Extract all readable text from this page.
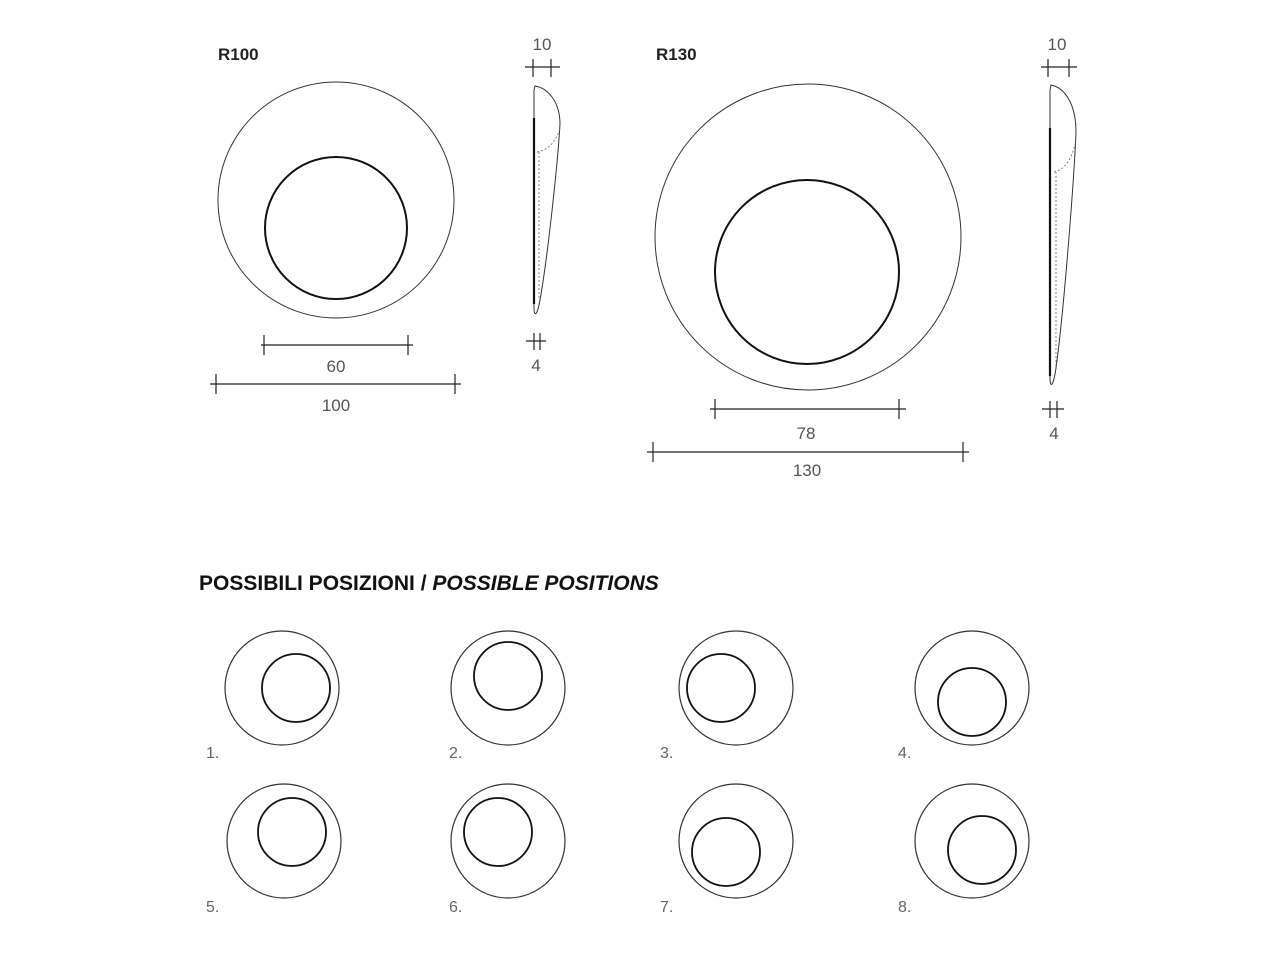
R100
60
100
10
4
R130
78
130
10
4
1.	2.	3.	4.
5.	6.	7.	8.
POSSIBILI POSIZIONI / POSSIBLE POSITIONS
